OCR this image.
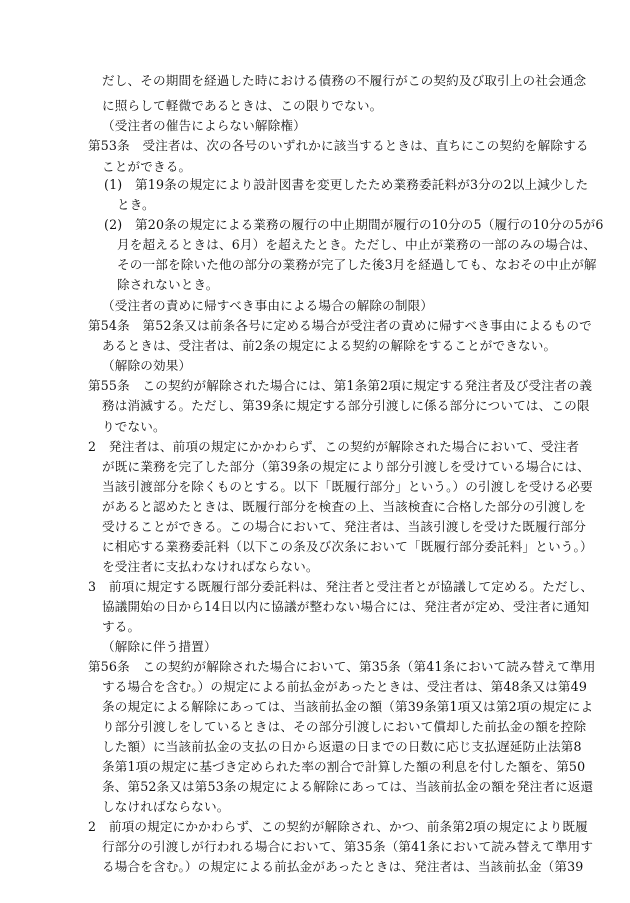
だし、その期間を経過した時における債務の不履行がこの契約及び取引上の社会通念
に照らして軽微であるときは、この限りでない。
（受注者の催告によらない解除権）
第53条　受注者は、次の各号のいずれかに該当するときは、直ちにこの契約を解除する
ことができる。
(1)　第19条の規定により設計図書を変更したため業務委託料が3分の2以上減少した
とき。
(2)　第20条の規定による業務の履行の中止期間が履行の10分の5（履行の10分の5が6
月を超えるときは、6月）を超えたとき。ただし、中止が業務の一部のみの場合は、
その一部を除いた他の部分の業務が完了した後3月を経過しても、なおその中止が解
除されないとき。
（受注者の責めに帰すべき事由による場合の解除の制限）
第54条　第52条又は前条各号に定める場合が受注者の責めに帰すべき事由によるもので
あるときは、受注者は、前2条の規定による契約の解除をすることができない。
（解除の効果）
第55条　この契約が解除された場合には、第1条第2項に規定する発注者及び受注者の義
務は消滅する。ただし、第39条に規定する部分引渡しに係る部分については、この限
りでない。
2　発注者は、前項の規定にかかわらず、この契約が解除された場合において、受注者
が既に業務を完了した部分（第39条の規定により部分引渡しを受けている場合には、
当該引渡部分を除くものとする。以下「既履行部分」という。）の引渡しを受ける必要
があると認めたときは、既履行部分を検査の上、当該検査に合格した部分の引渡しを
受けることができる。この場合において、発注者は、当該引渡しを受けた既履行部分
に相応する業務委託料（以下この条及び次条において「既履行部分委託料」という。）
を受注者に支払わなければならない。
3　前項に規定する既履行部分委託料は、発注者と受注者とが協議して定める。ただし、
協議開始の日から14日以内に協議が整わない場合には、発注者が定め、受注者に通知
する。
（解除に伴う措置）
第56条　この契約が解除された場合において、第35条（第41条において読み替えて準用
する場合を含む。）の規定による前払金があったときは、受注者は、第48条又は第49
条の規定による解除にあっては、当該前払金の額（第39条第1項又は第2項の規定によ
り部分引渡しをしているときは、その部分引渡しにおいて償却した前払金の額を控除
した額）に当該前払金の支払の日から返還の日までの日数に応じ支払遅延防止法第8
条第1項の規定に基づき定められた率の割合で計算した額の利息を付した額を、第50
条、第52条又は第53条の規定による解除にあっては、当該前払金の額を発注者に返還
しなければならない。
2　前項の規定にかかわらず、この契約が解除され、かつ、前条第2項の規定により既履
行部分の引渡しが行われる場合において、第35条（第41条において読み替えて準用す
る場合を含む。）の規定による前払金があったときは、発注者は、当該前払金（第39
